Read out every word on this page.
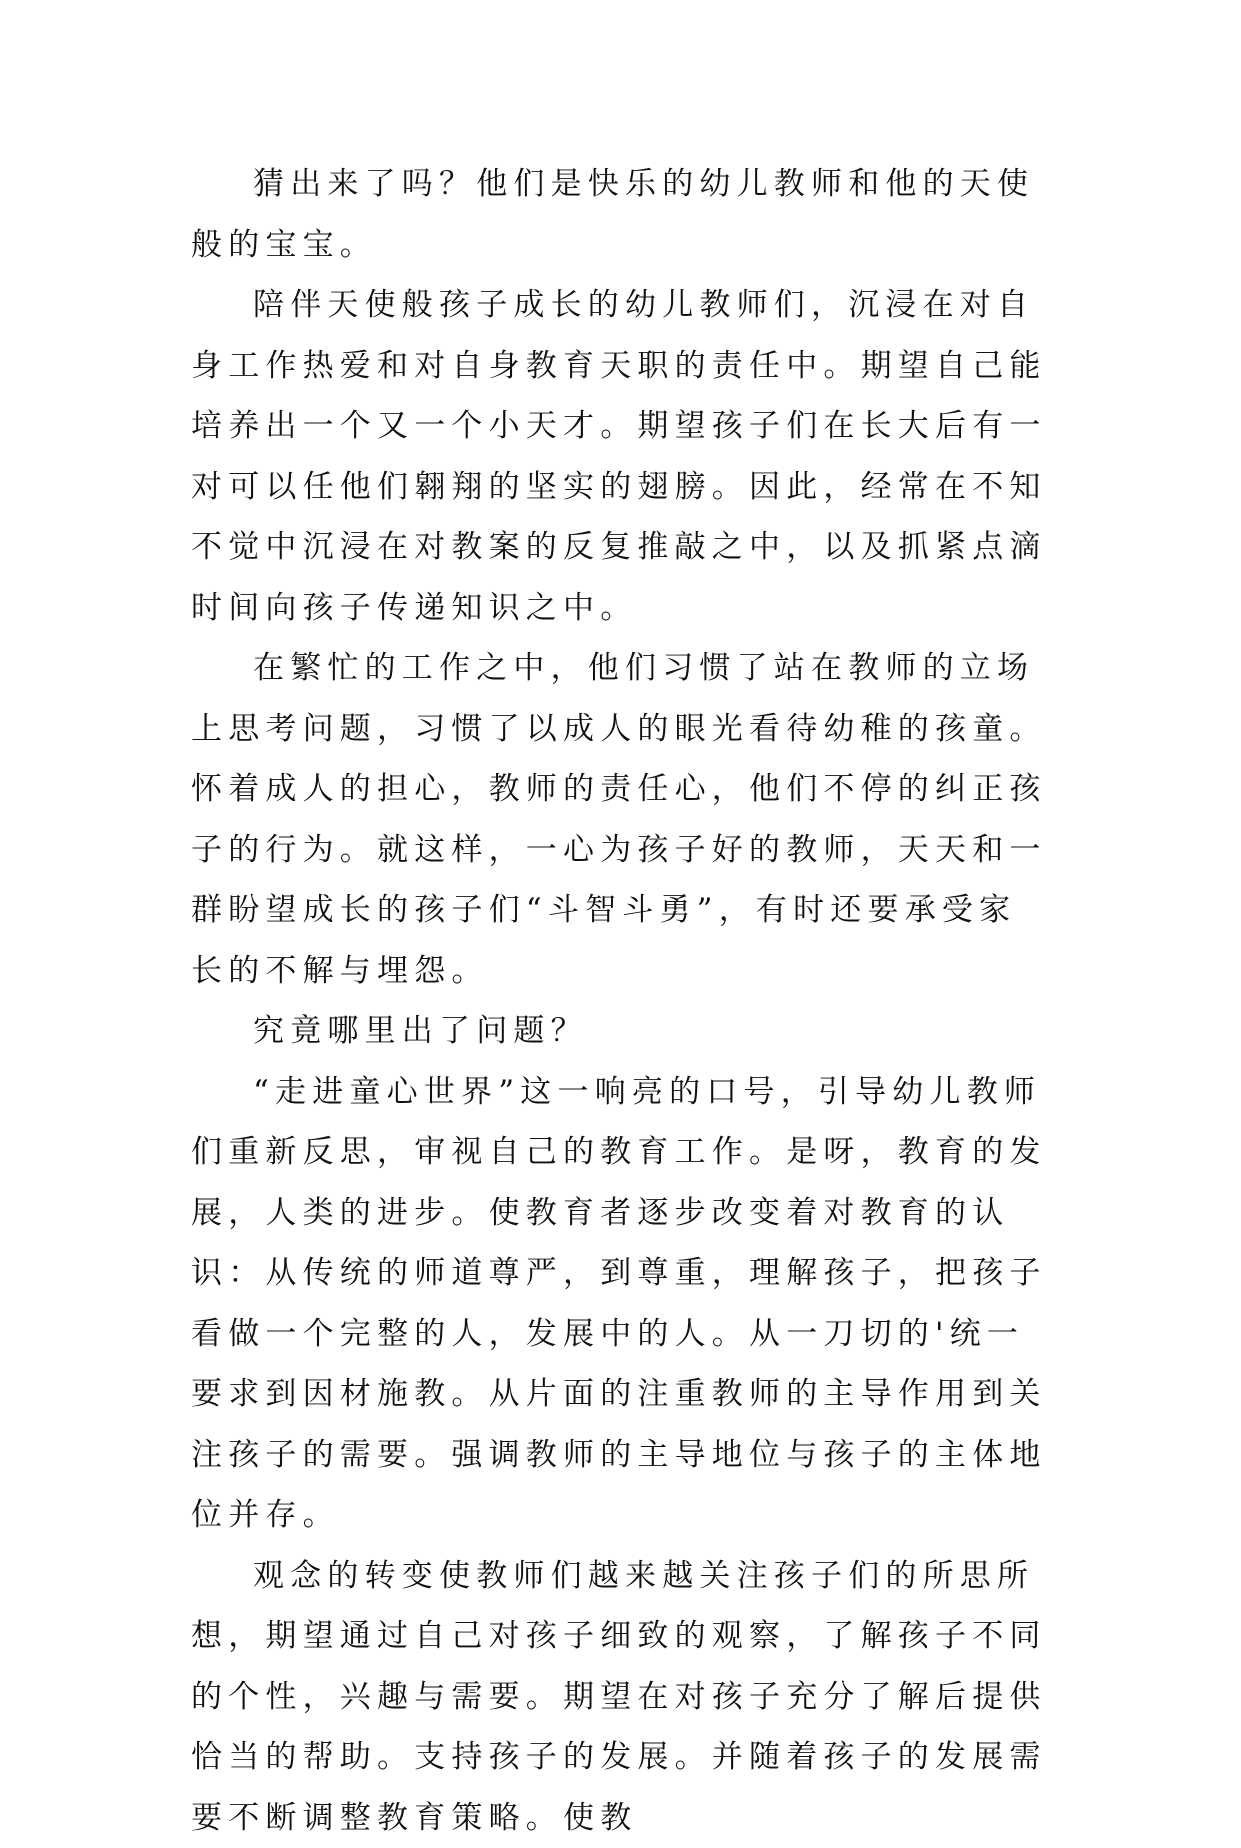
猜出来了吗？他们是快乐的幼儿教师和他的天使般的宝宝。

陪伴天使般孩子成长的幼儿教师们，沉浸在对自身工作热爱和对自身教育天职的责任中。期望自己能培养出一个又一个小天才。期望孩子们在长大后有一对可以任他们翱翔的坚实的翅膀。因此，经常在不知不觉中沉浸在对教案的反复推敲之中，以及抓紧点滴时间向孩子传递知识之中。

在繁忙的工作之中，他们习惯了站在教师的立场上思考问题，习惯了以成人的眼光看待幼稚的孩童。怀着成人的担心，教师的责任心，他们不停的纠正孩子的行为。就这样，一心为孩子好的教师，天天和一群盼望成长的孩子们“斗智斗勇”，有时还要承受家长的不解与埋怨。

究竟哪里出了问题？

“走进童心世界”这一响亮的口号，引导幼儿教师们重新反思，审视自己的教育工作。是呀，教育的发展，人类的进步。使教育者逐步改变着对教育的认识：从传统的师道尊严，到尊重，理解孩子，把孩子看做一个完整的人，发展中的人。从一刀切的'统一要求到因材施教。从片面的注重教师的主导作用到关注孩子的需要。强调教师的主导地位与孩子的主体地位并存。

观念的转变使教师们越来越关注孩子们的所思所想，期望通过自己对孩子细致的观察，了解孩子不同的个性，兴趣与需要。期望在对孩子充分了解后提供恰当的帮助。支持孩子的发展。并随着孩子的发展需要不断调整教育策略。使教
